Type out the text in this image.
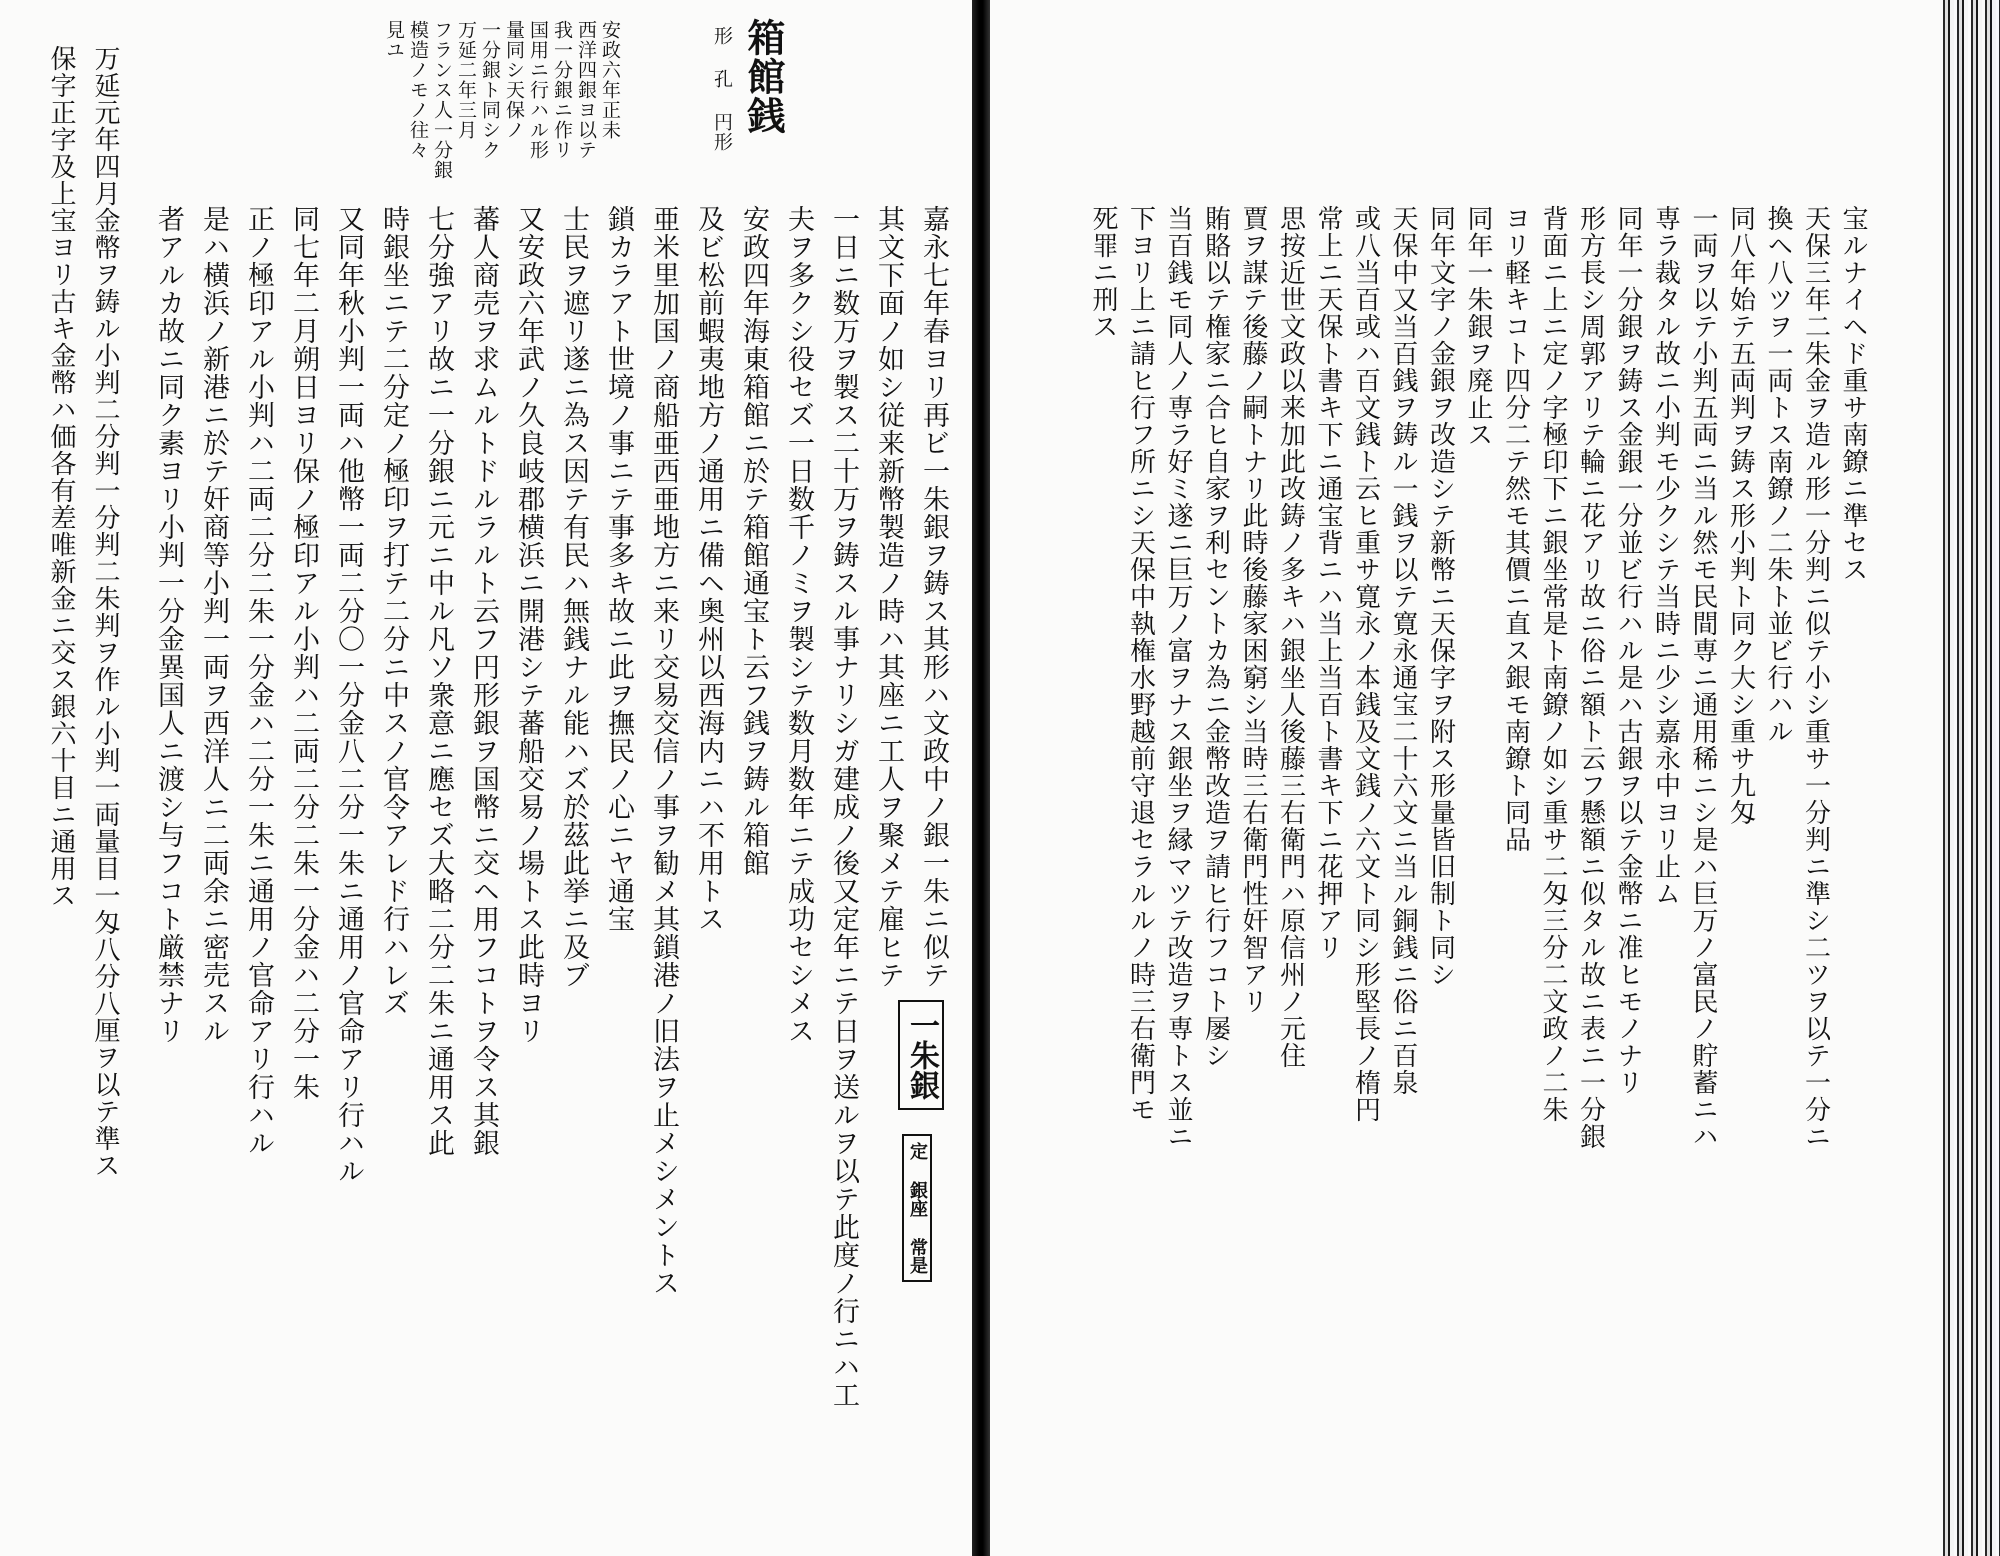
箱館銭
形 孔 円形
安政六年正未
西洋四銀ヨ以テ
我一分銀ニ作リ
国用ニ行ハル形
量同シ天保ノ
一分銀ト同シク
万延二年三月
フランス人一分銀
模造ノモノ往々
見ユ
嘉永七年春ヨリ再ビ一朱銀ヲ鋳ス其形ハ文政中ノ銀一朱ニ似テ
其文下面ノ如シ従来新幣製造ノ時ハ其座ニ工人ヲ聚メテ雇ヒテ
一日ニ数万ヲ製ス二十万ヲ鋳スル事ナリシガ建成ノ後又定年ニテ日ヲ送ルヲ以テ此度ノ行ニハ工
夫ヲ多クシ役セズ一日数千ノミヲ製シテ数月数年ニテ成功セシメス
安政四年海東箱館ニ於テ箱館通宝ト云フ銭ヲ鋳ル箱館
及ビ松前蝦夷地方ノ通用ニ備ヘ奥州以西海内ニハ不用トス
亜米里加国ノ商船亜西亜地方ニ来リ交易交信ノ事ヲ勧メ其鎖港ノ旧法ヲ止メシメントス
鎖カラアト世境ノ事ニテ事多キ故ニ此ヲ撫民ノ心ニヤ通宝
士民ヲ遮リ遂ニ為ス因テ有民ハ無銭ナル能ハズ於茲此挙ニ及ブ
又安政六年武ノ久良岐郡横浜ニ開港シテ蕃船交易ノ場トス此時ヨリ
蕃人商売ヲ求ムルトドルラルト云フ円形銀ヲ国幣ニ交ヘ用フコトヲ令ス其銀
七分強アリ故ニ一分銀ニ元ニ中ル凡ソ衆意ニ應セズ大略二分二朱ニ通用ス此
時銀坐ニテ二分定ノ極印ヲ打テ二分ニ中スノ官令アレド行ハレズ
又同年秋小判一両ハ他幣一両二分〇一分金八二分一朱ニ通用ノ官命アリ行ハル
同七年二月朔日ヨリ保ノ極印アル小判ハ二両二分二朱一分金ハ二分一朱
正ノ極印アル小判ハ二両二分二朱一分金ハ二分一朱ニ通用ノ官命アリ行ハル
是ハ横浜ノ新港ニ於テ奸商等小判一両ヲ西洋人ニ二両余ニ密売スル
者アルカ故ニ同ク素ヨリ小判一分金異国人ニ渡シ与フコト厳禁ナリ
一朱銀
定 銀座 常是
万延元年四月金幣ヲ鋳ル小判二分判一分判二朱判ヲ作ル小判一両量目一匁八分八厘ヲ以テ準ス
保字正字及上宝ヨリ古キ金幣ハ価各有差唯新金ニ交ス銀六十目ニ通用ス	宝ルナイヘド重サ南鐐ニ準セス
天保三年二朱金ヲ造ル形一分判ニ似テ小シ重サ一分判ニ準シ二ツヲ以テ一分ニ
換ヘ八ツヲ一両トス南鐐ノ二朱ト並ビ行ハル
同八年始テ五両判ヲ鋳ス形小判ト同ク大シ重サ九匁
一両ヲ以テ小判五両ニ当ル然モ民間専ニ通用稀ニシ是ハ巨万ノ富民ノ貯蓄ニハ
専ラ裁タル故ニ小判モ少クシテ当時ニ少シ嘉永中ヨリ止ム
同年一分銀ヲ鋳ス金銀一分並ビ行ハル是ハ古銀ヲ以テ金幣ニ准ヒモノナリ
形方長シ周郭アリテ輪ニ花アリ故ニ俗ニ額ト云フ懸額ニ似タル故ニ表ニ一分銀
背面ニ上ニ定ノ字極印下ニ銀坐常是ト南鐐ノ如シ重サ二匁三分二文政ノ二朱
ヨリ軽キコト四分二テ然モ其價ニ直ス銀モ南鐐ト同品
同年一朱銀ヲ廃止ス
同年文字ノ金銀ヲ改造シテ新幣ニ天保字ヲ附ス形量皆旧制ト同シ
天保中又当百銭ヲ鋳ル一銭ヲ以テ寛永通宝二十六文ニ当ル銅銭ニ俗ニ百泉
或八当百或ハ百文銭ト云ヒ重サ寛永ノ本銭及文銭ノ六文ト同シ形堅長ノ楕円
常上ニ天保ト書キ下ニ通宝背ニハ当上当百ト書キ下ニ花押アリ
思按近世文政以来加此改鋳ノ多キハ銀坐人後藤三右衛門ハ原信州ノ元住
賈ヲ謀テ後藤ノ嗣トナリ此時後藤家困窮シ当時三右衛門性奸智アリ
賄賂以テ権家ニ合ヒ自家ヲ利セントカ為ニ金幣改造ヲ請ヒ行フコト屡シ
当百銭モ同人ノ専ラ好ミ遂ニ巨万ノ富ヲナス銀坐ヲ縁マツテ改造ヲ専トス並ニ
下ヨリ上ニ請ヒ行フ所ニシ天保中執権水野越前守退セラルルノ時三右衛門モ
死罪ニ刑ス
